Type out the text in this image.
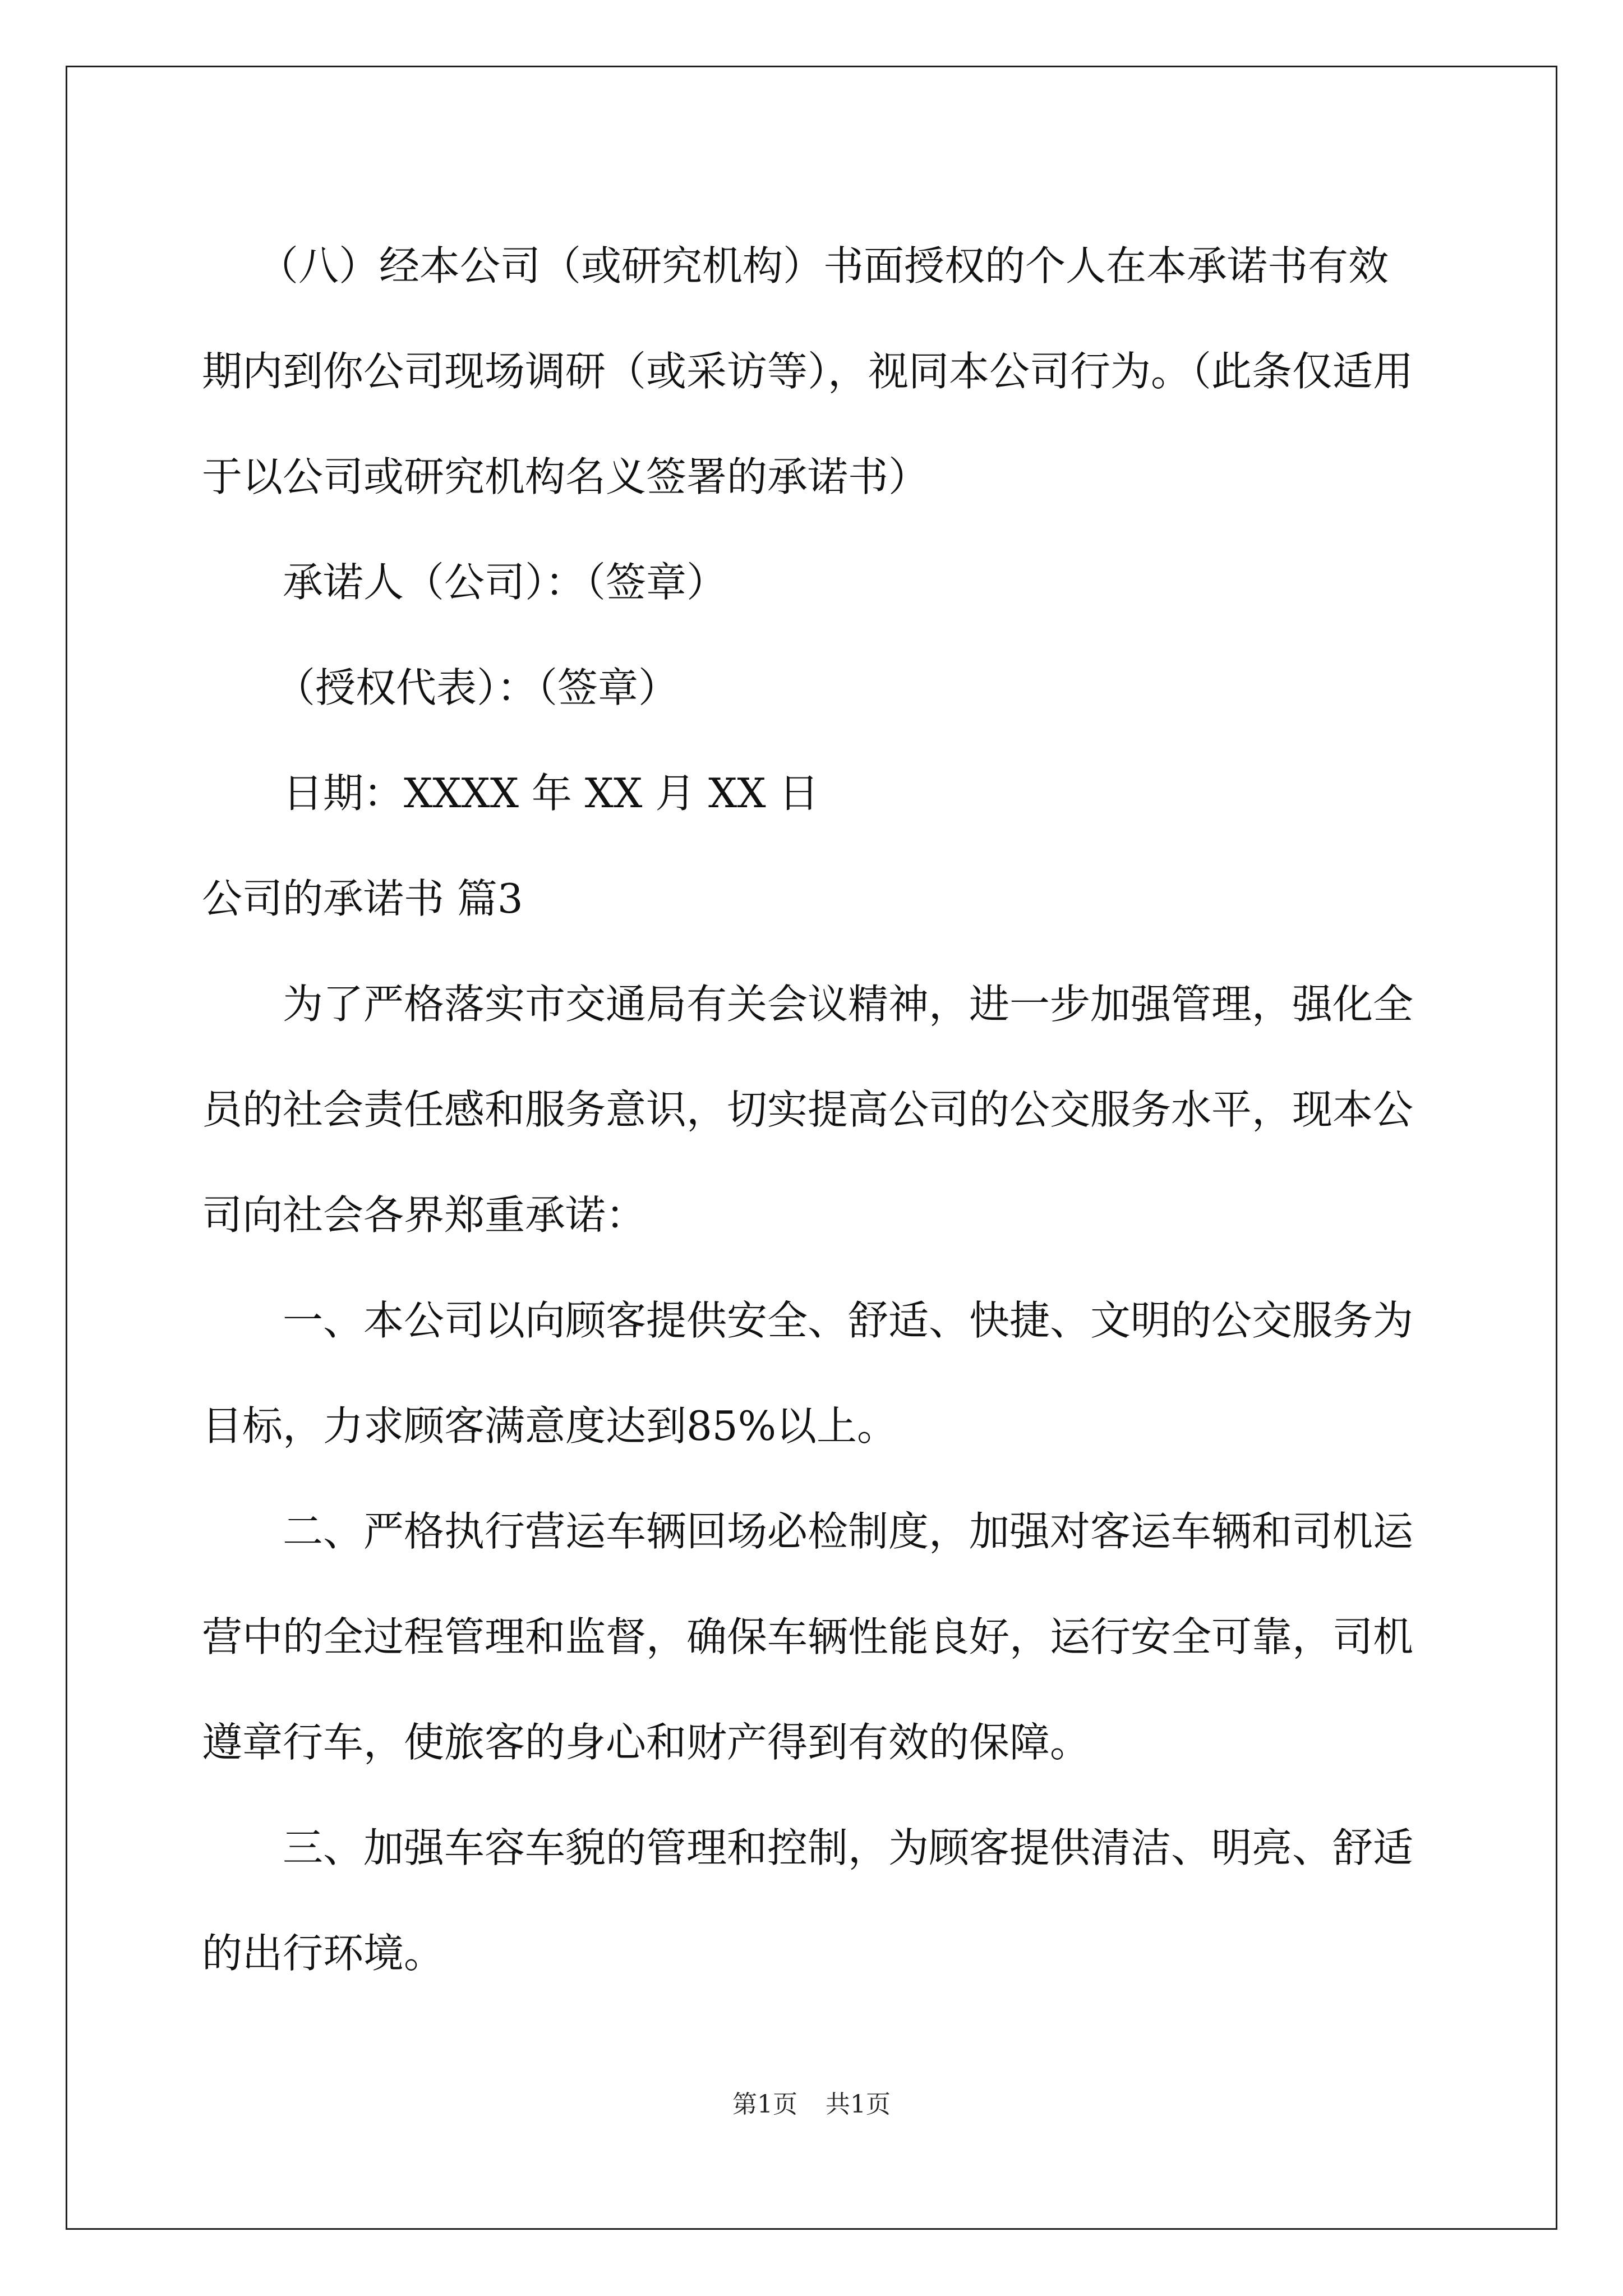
（八）经本公司（或研究机构）书面授权的个人在本承诺书有效

期内到你公司现场调研（或采访等），视同本公司行为。（此条仅适用

于以公司或研究机构名义签署的承诺书）

承诺人（公司）：（签章）

（授权代表）：（签章）

日期：XXXX 年 XX 月 XX 日

公司的承诺书 篇3

为了严格落实市交通局有关会议精神，进一步加强管理，强化全

员的社会责任感和服务意识，切实提高公司的公交服务水平，现本公

司向社会各界郑重承诺：

一、本公司以向顾客提供安全、舒适、快捷、文明的公交服务为

目标，力求顾客满意度达到85%以上。

二、严格执行营运车辆回场必检制度，加强对客运车辆和司机运

营中的全过程管理和监督，确保车辆性能良好，运行安全可靠，司机

遵章行车，使旅客的身心和财产得到有效的保障。

三、加强车容车貌的管理和控制，为顾客提供清洁、明亮、舒适

的出行环境。

第1页 共1页
